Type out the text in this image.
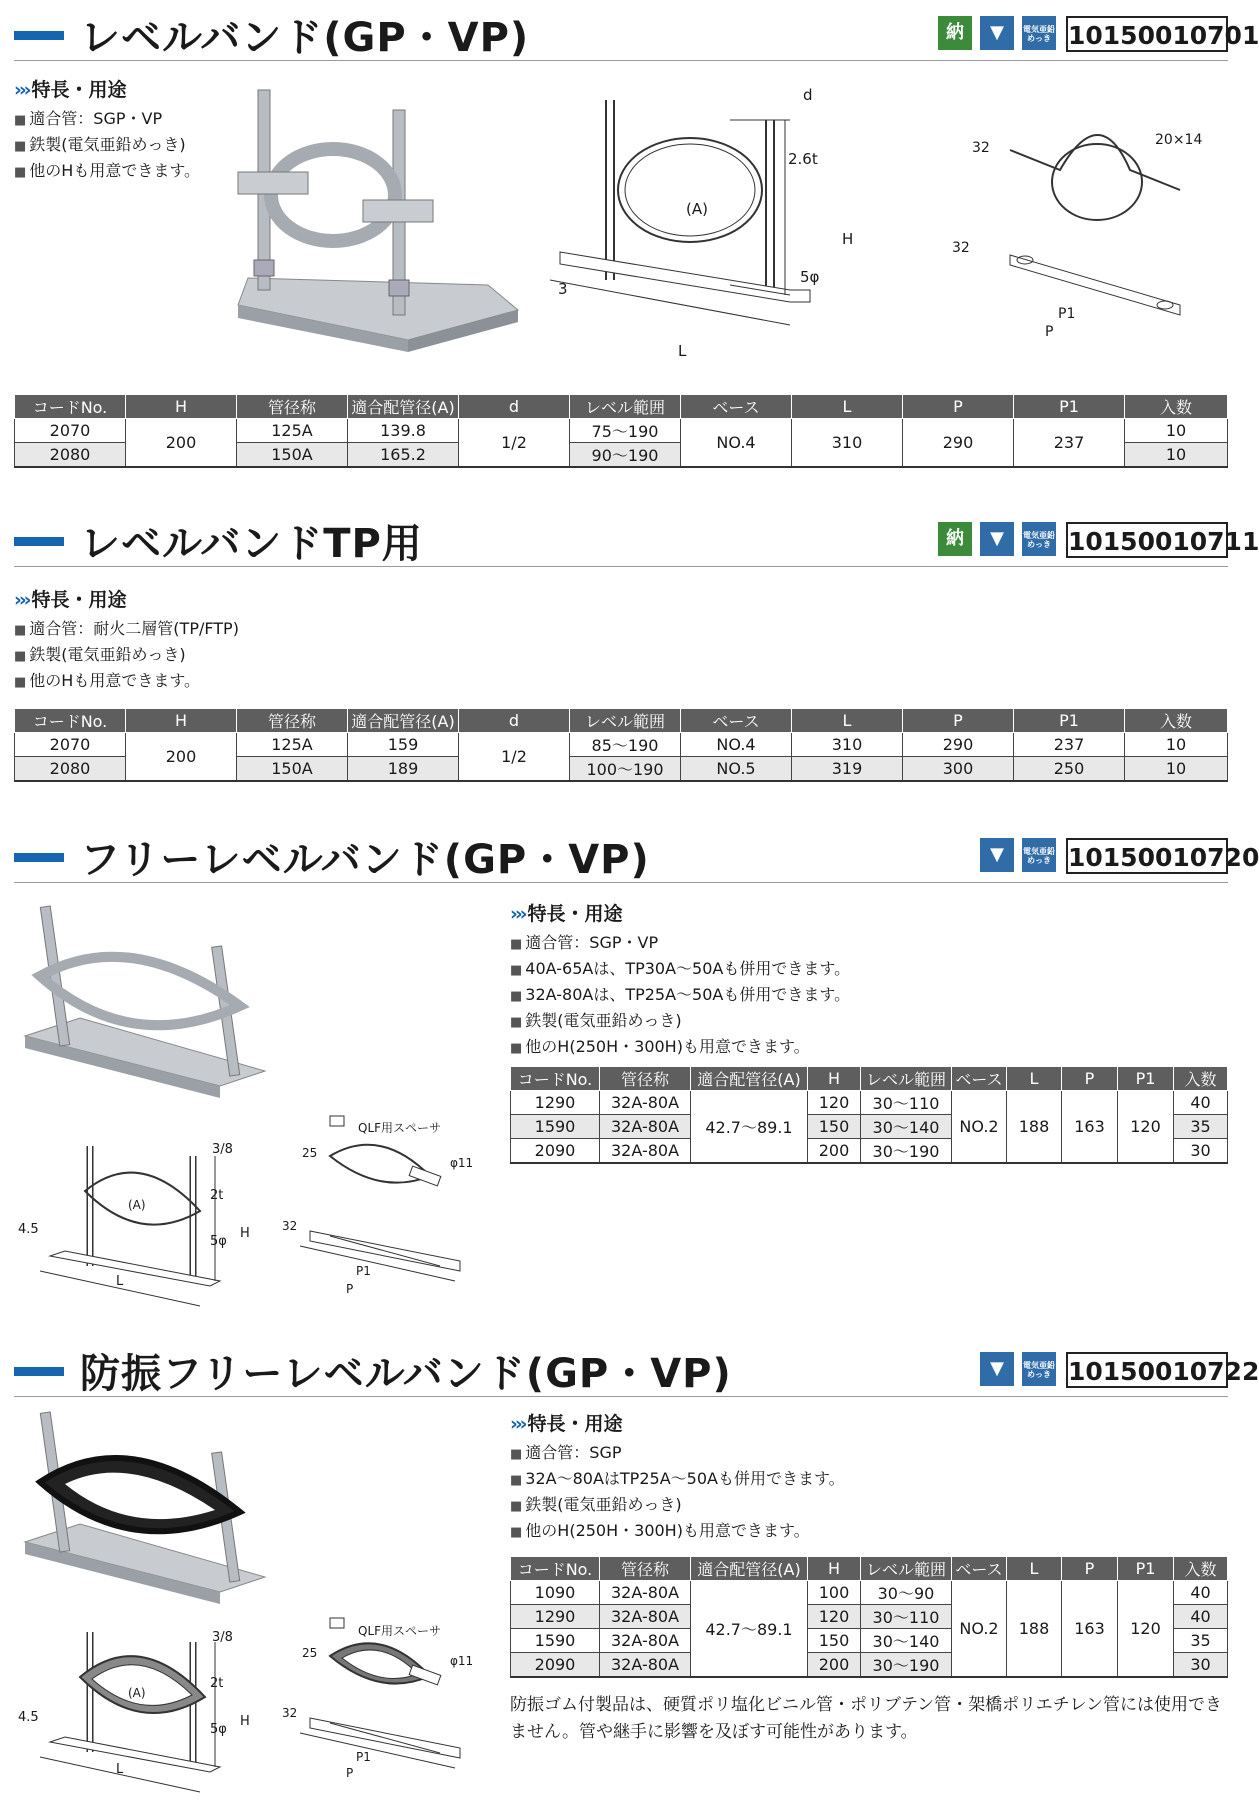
レベルバンド(GP・VP)	納	▼	電気亜鉛めっき 10150010701
››› 特長・用途
■ 適合管：SGP・VP
■ 鉄製(電気亜鉛めっき)
■ 他のHも用意できます。
d
2.6t
(A)
H
5φ
3
L
32	20×14
32
P1
P
コードNo.	H	管径称	適合配管径(A)	d	レベル範囲	ベース	L	P	P1	入数
2070	200	125A	139.8	1/2	75～190	NO.4	310	290	237	10
2080		150A	165.2		90～190					10
レベルバンドTP用	納	▼	電気亜鉛めっき 10150010711
››› 特長・用途
■ 適合管：耐火二層管(TP/FTP)
■ 鉄製(電気亜鉛めっき)
■ 他のHも用意できます。
コードNo.	H	管径称	適合配管径(A)	d	レベル範囲	ベース	L	P	P1	入数
2070	200	125A	159	1/2	85～190	NO.4	310	290	237	10
2080		150A	189		100～190	NO.5	319	300	250	10
フリーレベルバンド(GP・VP)	▼	電気亜鉛めっき 10150010720
3/8
2t
(A)
H
5φ
4.5
L
QLF用スペーサ
25
φ11
32
P1
P
››› 特長・用途
■ 適合管：SGP・VP
■ 40A-65Aは、TP30A～50Aも併用できます。
■ 32A-80Aは、TP25A～50Aも併用できます。
■ 鉄製(電気亜鉛めっき)
■ 他のH(250H・300H)も用意できます。
コードNo.	管径称	適合配管径(A)	H	レベル範囲	ベース	L	P	P1	入数
1290	32A-80A	42.7～89.1	120	30～110	NO.2	188	163	120	40
1590	32A-80A		150	30～140					35
2090	32A-80A		200	30～190					30
防振フリーレベルバンド(GP・VP)	▼	電気亜鉛めっき 10150010722
3/8
2t
(A)
H
5φ
4.5
L
QLF用スペーサ
25
φ11
32
P1
P
››› 特長・用途
■ 適合管：SGP
■ 32A～80AはTP25A～50Aも併用できます。
■ 鉄製(電気亜鉛めっき)
■ 他のH(250H・300H)も用意できます。
コードNo.	管径称	適合配管径(A)	H	レベル範囲	ベース	L	P	P1	入数
1090	32A-80A	42.7～89.1	100	30～90	NO.2	188	163	120	40
1290	32A-80A		120	30～110					40
1590	32A-80A		150	30～140					35
2090	32A-80A		200	30～190					30
防振ゴム付製品は、硬質ポリ塩化ビニル管・ポリブテン管・架橋ポリエチレン管には使用できません。管や継手に影響を及ぼす可能性があります。
